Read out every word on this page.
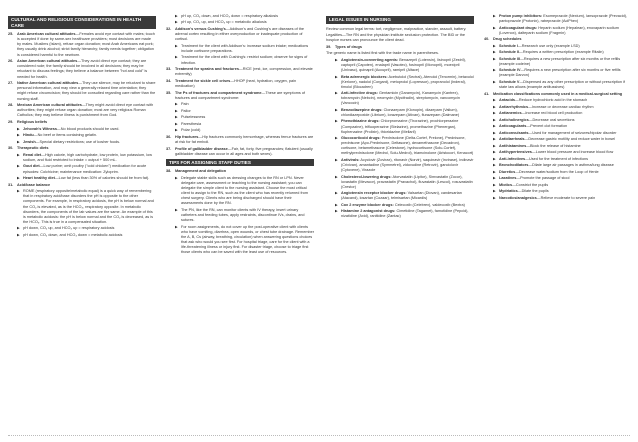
CULTURAL AND RELIGIOUS CONSIDERATIONS IN HEALTH CARE
25. Arab American cultural attitudes—Females avoid eye contact with males; touch is accepted if done by same-sex healthcare providers; most decisions are made by males. Muslims (Islam), refuse organ donation; most Arab Americans eat pork; they usually drink alcohol; strict family hierarchy; family needs together; obligation is considered harmful to the newborn.
26. Asian American cultural attitudes—They avoid direct eye contact; they are considered rude; the family should be involved in all decisions; they may be reluctant to discuss feelings; they believe a balance between "hot and cold" is needed for health.
27. Native American cultural attitudes—They use silence, may be reluctant to share personal information, and may view a generally relaxed time orientation; they might refuse circumcision; they should be consulted regarding care rather than the nursing staff.
28. Mexican American cultural attitudes—They might avoid direct eye contact with authorities; they might refuse organ donation; most are very religious Roman Catholics; they may believe illness is punishment from God.
29. Religious beliefs
▶ Jehovah's Witness—No blood products should be used.
▶ Hindu—No beef or items containing gelatin.
▶ Jewish—Special dietary restrictions; use of kosher foods.
30. Therapeutic diets
▶ Renal diet—High calorie, high carbohydrate, low protein, low potassium, low sodium, and fluid restricted to intake = output + 500 mL.
▶ Gout diet—Low purine; omit poultry ("cold chicken") medication for acute episodes: Colchicine; maintenance medication: Zyloprim.
▶ Heart healthy diet—Low fat (less than 30% of calories should be from fat).
31. Acid/base balance
▶ ROME (respiratory opposite/metabolic equal) is a quick way of remembering that in respiratory acid/base disorders the pH is opposite to the other components. For example, in respiratory acidosis, the pH is below normal and the CO₂ is elevated, as is the HCO₃, respiratory opposite. In metabolic disorders, the components of the lab values are the same. An example of this is metabolic acidosis: the pH is below normal and the CO₂ is decreased, as is the HCO₃. This is true in a compensated situation.
▶ pH down, CO₂ up, and HCO₃ up = respiratory acidosis
▶ pH down, CO₂ down, and HCO₃ down = metabolic acidosis
▶ pH up, CO₂ down, and HCO₃ down = respiratory alkalosis
▶ pH up, CO₂ up, and HCO₃ up = metabolic alkalosis
32. Addison's versus Cushing's—Addison's and Cushing's are diseases of the adrenal cortex resulting in either overproduction or inadequate production of cortisol.
▶ Treatment for the client with Addison's: increase sodium intake; medications include cortisone preparations.
▶ Treatment for the client with Cushing's: restrict sodium; observe for signs of infection.
33. Treatment for sprains and fractures—RICE (rest, ice, compression, and elevate extremity)
34. Treatment for sickle cell crises—HHOP (heat, hydration, oxygen, pain medication)
35. The Ps of fractures and compartment syndrome—These are symptoms of fractures and compartment syndrome:
▶ Pain
▶ Pallor
▶ Pulselessness
▶ Paresthesia
▶ Polar (cold)
36. Hip fractures—Hip fractures commonly hemorrhage, whereas femur fractures are at risk for fat emboli.
37. Profile of gallbladder disease—Fair, fat, forty, five pregnancies; flatulent (usually gallbladder disease can occur in all ages and both sexes).
TIPS FOR ASSIGNING STAFF DUTIES
38. Management and delegation
▶ Delegate stable skills such as dressing changes to the RN or LPN. Never delegate care, assessment or teaching to the nursing assistant; you can delegate the simple client to the nursing assistant. Choose the most critical client to assign to the RN, such as the client who has recently returned from chest surgery. Clients who are being discharged should have their assessments done by the RN.
▶ The PN, like the RN, can monitor clients with IV therapy, insert urinary catheters and feeding tubes, apply restraints, discontinue IVs, drains, and sutures.
▶ For room assignments, do not cover up the post-operative client with clients who have vomiting, diarrhea, open wounds, or chest tube drainage. Remember the A, B, Cs (airway, breathing, circulation) when answering questions choices that ask who would you see first. For hospital triage, care for the client with a life-threatening illness or injury first. For disaster triage, choose to triage first those clients who can be saved with the least use of resources.
LEGAL ISSUES IN NURSING
Review common legal terms: tort, negligence, malpractice, slander, assault, battery.
Legalities—The RN and the physician institute seclusion protection. The BID or the hospice nurses can pronounce the client dead.
39. Types of drugs
The generic name is listed first with the trade name in parentheses.
▶ Angiotensin-converting agents: Benazepril (Lotensin), lisinopril (Zestril), captopril (Capoten), enalapril (Vasotec), fosinopril (Monopril), moexipril (Univasc), quinapril (Accupril), ramipril (Altace)
▶ Beta adrenergic blockers: Acebutolol (Sectral), Atenolol (Tenormin), betaxolol (Kerlone), nadolol (Corgard), metoprolol (Lopressor), propranolol (Inderal), timolol (Blocadren)
▶ Anti-infective drugs: Gentamicin (Garamycin), Kanamycin (Kantrex), tobramycin (Nebcin), neomycin (Mycifradin), streptomycin, vancomycin (Vancocin)
▶ Benzodiazepine drugs: Clonazepam (Klonopin), diazepam (Valium), chlordiazepoxide (Librium), lorazepam (Ativan), flurazepam (Dalmane)
▶ Phenothiazine drugs: Chlorpromazine (Thorazine), prochlorperazine (Compazine), trifluoperazine (Stelazine), promethazine (Phenergan), fluphenazine (Prolixin), thioridazine (Mellaril)
▶ Glucocorticoid drugs: Prednisolone (Delta-Cortef, Prelone), Prednisone, prednisone (Apo-Prednisone, Deltasone), dexamethasone (Decadron), cortisone, betamethasone (Celestone), hydrocortisone (Solu-Cortef), methylprednisolone (Medrol, Solu-Medrol), triamcinolone (Aristocort, Kenacort)
▶ Antivirals: Acyclovir (Zovirax), ritonavir (Norvir), saquinavir (Invirase), indinavir (Crixivan), amantadine (Symmetrel), zidovudine (Retrovir), ganciclovir (Cytovene), Virazole
▶ Cholesterol-lowering drugs: Atorvastatin (Lipitor), Simvastatin (Zocor), lovastatin (Mevacor), pravastatin (Pravachol), fluvastatin (Lescol), rosuvastatin (Crestor)
▶ Angiotensin receptor blocker drugs: Valsartan (Diovan), candesartan (Atacand), losartan (Cozaar), telmisartan (Micardis)
▶ Cox 2 enzyme blocker drugs: Celecoxib (Celebrex), valdecoxib (Bextra)
▶ Histamine 2 antagonist drugs: Cimetidine (Tagamet), famotidine (Pepcid), nizatidine (Axid), ranitidine (Zantac)
▶ Proton pump inhibitors: Esomeprazole (Nexium), lansoprazole (Prevacid), pantoprazole (Protonix), rabeprazole (AciPhex)
▶ Anticoagulant drugs: Heparin sodium (Hepalean), enoxaparin sodium (Lovenox), dalteparin sodium (Fragmin)
40. Drug schedules
▶ Schedule I—Research use only (example LSD)
▶ Schedule II—Requires a written prescription (example Ritalin)
▶ Schedule III—Requires a new prescription after six months or five refills (example codeine)
▶ Schedule IV—Requires a new prescription after six months or five refills (example Darvon)
▶ Schedule V—Dispensed as any other prescription or without prescription if state law allows (example antitussives)
41. Medication classifications commonly used in a medical-surgical setting
▶ Antacids—Reduce hydrochloric acid in the stomach
▶ Antiarrhythmics—Increase or decrease cardiac rhythm
▶ Antianemics—Increase red blood cell production
▶ Anticholinergics—Decrease oral secretions
▶ Anticoagulants—Prevent clot formation
▶ Anticonvulsants—Used for management of seizures/bipolar disorder
▶ Antidiarrheals—Decrease gastric motility and reduce water in bowel
▶ Antihistamines—Block the release of histamine
▶ Antihypertensives—Lower blood pressure and increase blood flow
▶ Anti-infectives—Used for the treatment of infections
▶ Bronchodilators—Dilate large air passages in asthma/lung disease
▶ Diuretics—Decrease water/sodium from the Loop of Henle
▶ Laxatives—Promote the passage of stool
▶ Miotics—Constrict the pupils
▶ Mydriatics—Dilate the pupils
▶ Narcotics/analgesics—Relieve moderate to severe pain
